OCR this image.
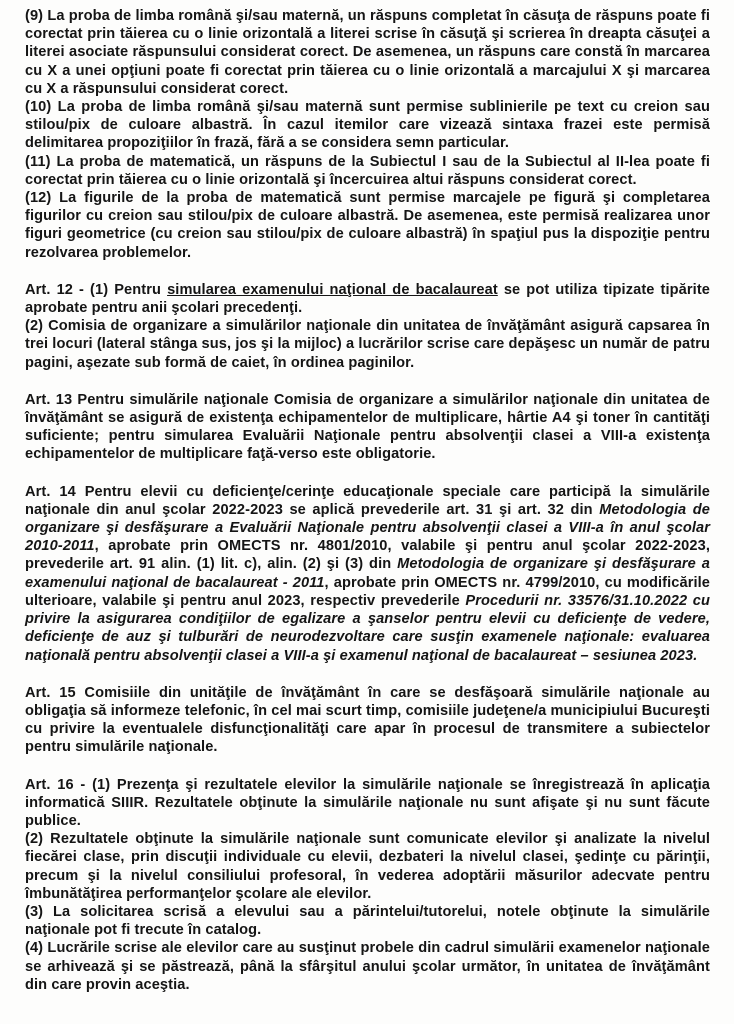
(9) La proba de limba română şi/sau maternă, un răspuns completat în căsuţa de răspuns poate fi corectat prin tăierea cu o linie orizontală a literei scrise în căsuţă şi scrierea în dreapta căsuţei a literei asociate răspunsului considerat corect. De asemenea, un răspuns care constă în marcarea cu X a unei opţiuni poate fi corectat prin tăierea cu o linie orizontală a marcajului X şi marcarea cu X a răspunsului considerat corect.

(10) La proba de limba română şi/sau maternă sunt permise sublinierile pe text cu creion sau stilou/pix de culoare albastră. În cazul itemilor care vizează sintaxa frazei este permisă delimitarea propoziţiilor în frază, fără a se considera semn particular.

(11) La proba de matematică, un răspuns de la Subiectul I sau de la Subiectul al II-lea poate fi corectat prin tăierea cu o linie orizontală şi încercuirea altui răspuns considerat corect.

(12) La figurile de la proba de matematică sunt permise marcajele pe figură şi completarea figurilor cu creion sau stilou/pix de culoare albastră. De asemenea, este permisă realizarea unor figuri geometrice (cu creion sau stilou/pix de culoare albastră) în spaţiul pus la dispoziţie pentru rezolvarea problemelor.

Art. 12 - (1) Pentru simularea examenului naţional de bacalaureat se pot utiliza tipizate tipărite aprobate pentru anii şcolari precedenţi.

(2) Comisia de organizare a simulărilor naţionale din unitatea de învăţământ asigură capsarea în trei locuri (lateral stânga sus, jos şi la mijloc) a lucrărilor scrise care depăşesc un număr de patru pagini, aşezate sub formă de caiet, în ordinea paginilor.

Art. 13 Pentru simulările naţionale Comisia de organizare a simulărilor naţionale din unitatea de învăţământ se asigură de existenţa echipamentelor de multiplicare, hârtie A4 şi toner în cantităţi suficiente; pentru simularea Evaluării Naţionale pentru absolvenţii clasei a VIII-a existenţa echipamentelor de multiplicare faţă-verso este obligatorie.

Art. 14 Pentru elevii cu deficienţe/cerinţe educaţionale speciale care participă la simulările naţionale din anul şcolar 2022-2023 se aplică prevederile art. 31 şi art. 32 din Metodologia de organizare şi desfăşurare a Evaluării Naţionale pentru absolvenţii clasei a VIII-a în anul şcolar 2010-2011, aprobate prin OMECTS nr. 4801/2010, valabile şi pentru anul şcolar 2022-2023, prevederile art. 91 alin. (1) lit. c), alin. (2) şi (3) din Metodologia de organizare şi desfăşurare a examenului naţional de bacalaureat - 2011, aprobate prin OMECTS nr. 4799/2010, cu modificările ulterioare, valabile şi pentru anul 2023, respectiv prevederile Procedurii nr. 33576/31.10.2022 cu privire la asigurarea condiţiilor de egalizare a şanselor pentru elevii cu deficienţe de vedere, deficienţe de auz şi tulburări de neurodezvoltare care susţin examenele naţionale: evaluarea naţională pentru absolvenţii clasei a VIII-a şi examenul naţional de bacalaureat – sesiunea 2023.

Art. 15 Comisiile din unităţile de învăţământ în care se desfăşoară simulările naţionale au obligaţia să informeze telefonic, în cel mai scurt timp, comisiile judeţene/a municipiului Bucureşti cu privire la eventualele disfuncţionalităţi care apar în procesul de transmitere a subiectelor pentru simulările naţionale.

Art. 16 - (1) Prezenţa şi rezultatele elevilor la simulările naţionale se înregistrează în aplicaţia informatică SIIIR. Rezultatele obţinute la simulările naţionale nu sunt afişate şi nu sunt făcute publice.

(2) Rezultatele obţinute la simulările naţionale sunt comunicate elevilor şi analizate la nivelul fiecărei clase, prin discuţii individuale cu elevii, dezbateri la nivelul clasei, şedinţe cu părinţii, precum şi la nivelul consiliului profesoral, în vederea adoptării măsurilor adecvate pentru îmbunătăţirea performanţelor şcolare ale elevilor.

(3) La solicitarea scrisă a elevului sau a părintelui/tutorelui, notele obţinute la simulările naţionale pot fi trecute în catalog.

(4) Lucrările scrise ale elevilor care au susţinut probele din cadrul simulării examenelor naţionale se arhivează şi se păstrează, până la sfârşitul anului şcolar următor, în unitatea de învăţământ din care provin aceştia.
